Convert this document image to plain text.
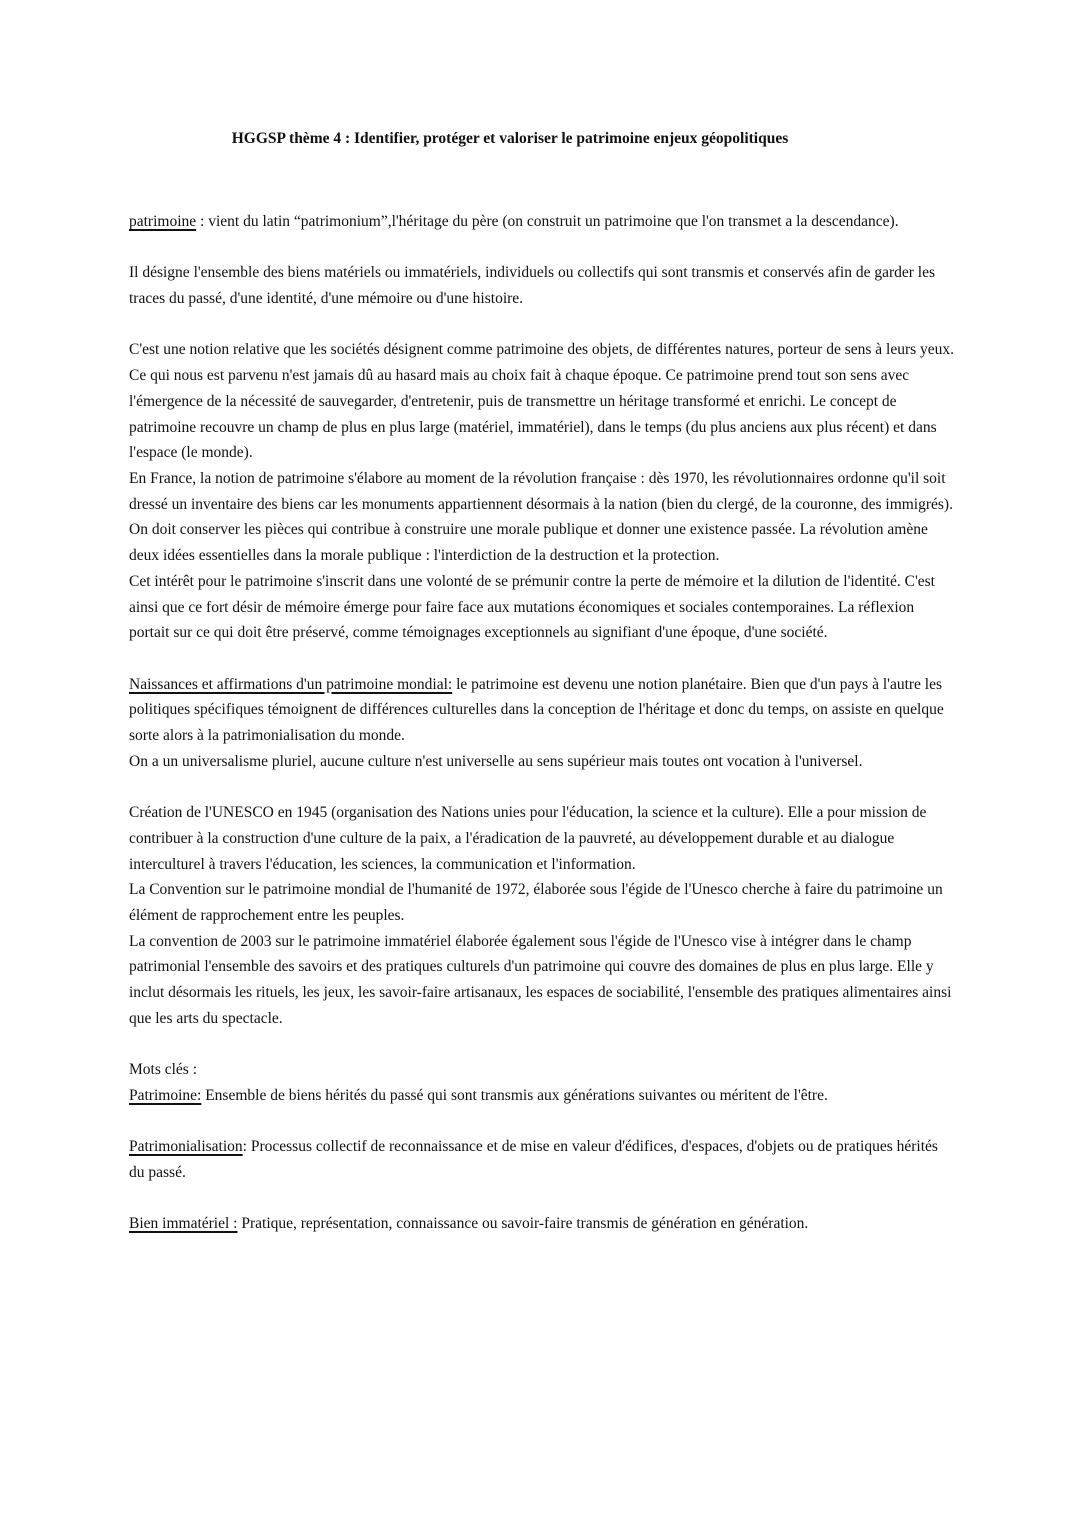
HGGSP thème 4 : Identifier, protéger et valoriser le patrimoine enjeux géopolitiques

patrimoine : vient du latin “patrimonium”,l'héritage du père (on construit un patrimoine que l'on transmet a la descendance).

Il désigne l'ensemble des biens matériels ou immatériels, individuels ou collectifs qui sont transmis et conservés afin de garder les traces du passé, d'une identité, d'une mémoire ou d'une histoire.

C'est une notion relative que les sociétés désignent comme patrimoine des objets, de différentes natures, porteur de sens à leurs yeux. Ce qui nous est parvenu n'est jamais dû au hasard mais au choix fait à chaque époque. Ce patrimoine prend tout son sens avec l'émergence de la nécessité de sauvegarder, d'entretenir, puis de transmettre un héritage transformé et enrichi. Le concept de patrimoine recouvre un champ de plus en plus large (matériel, immatériel), dans le temps (du plus anciens aux plus récent) et dans l'espace (le monde).

En France, la notion de patrimoine s'élabore au moment de la révolution française : dès 1970, les révolutionnaires ordonne qu'il soit dressé un inventaire des biens car les monuments appartiennent désormais à la nation (bien du clergé, de la couronne, des immigrés). On doit conserver les pièces qui contribue à construire une morale publique et donner une existence passée. La révolution amène deux idées essentielles dans la morale publique : l'interdiction de la destruction et la protection.

Cet intérêt pour le patrimoine s'inscrit dans une volonté de se prémunir contre la perte de mémoire et la dilution de l'identité. C'est ainsi que ce fort désir de mémoire émerge pour faire face aux mutations économiques et sociales contemporaines. La réflexion portait sur ce qui doit être préservé, comme témoignages exceptionnels au signifiant d'une époque, d'une société.

Naissances et affirmations d'un patrimoine mondial: le patrimoine est devenu une notion planétaire. Bien que d'un pays à l'autre les politiques spécifiques témoignent de différences culturelles dans la conception de l'héritage et donc du temps, on assiste en quelque sorte alors à la patrimonialisation du monde.

On a un universalisme pluriel, aucune culture n'est universelle au sens supérieur mais toutes ont vocation à l'universel.

Création de l'UNESCO en 1945 (organisation des Nations unies pour l'éducation, la science et la culture). Elle a pour mission de contribuer à la construction d'une culture de la paix, a l'éradication de la pauvreté, au développement durable et au dialogue interculturel à travers l'éducation, les sciences, la communication et l'information.

La Convention sur le patrimoine mondial de l'humanité de 1972, élaborée sous l'égide de l'Unesco cherche à faire du patrimoine un élément de rapprochement entre les peuples.

La convention de 2003 sur le patrimoine immatériel élaborée également sous l'égide de l'Unesco vise à intégrer dans le champ patrimonial l'ensemble des savoirs et des pratiques culturels d'un patrimoine qui couvre des domaines de plus en plus large. Elle y inclut désormais les rituels, les jeux, les savoir-faire artisanaux, les espaces de sociabilité, l'ensemble des pratiques alimentaires ainsi que les arts du spectacle.

Mots clés :

Patrimoine: Ensemble de biens hérités du passé qui sont transmis aux générations suivantes ou méritent de l'être.

Patrimonialisation: Processus collectif de reconnaissance et de mise en valeur d'édifices, d'espaces, d'objets ou de pratiques hérités du passé.

Bien immatériel : Pratique, représentation, connaissance ou savoir-faire transmis de génération en génération.
